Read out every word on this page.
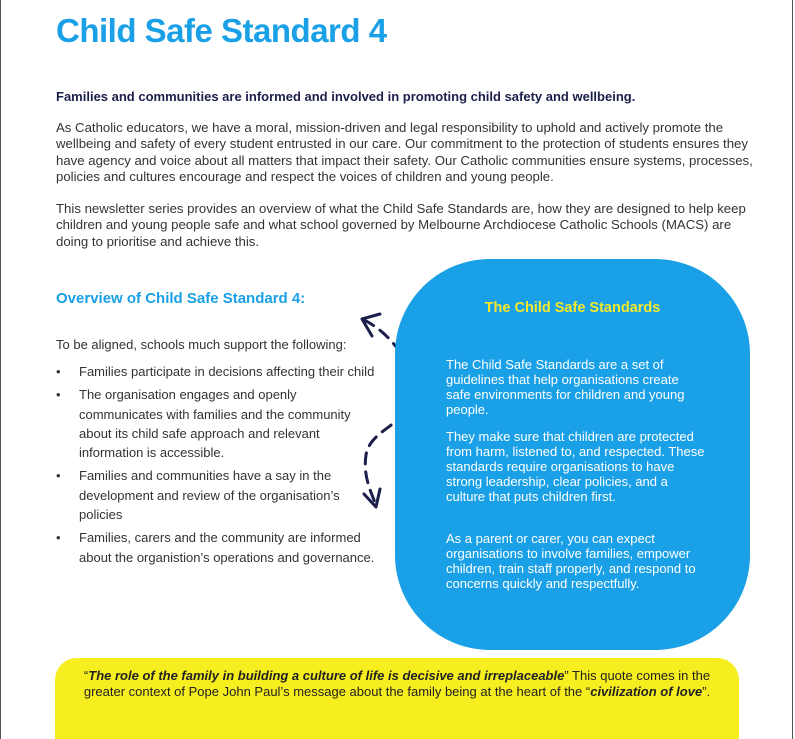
Child Safe Standard 4

Families and communities are informed and involved in promoting child safety and wellbeing.

As Catholic educators, we have a moral, mission-driven and legal responsibility to uphold and actively promote the wellbeing and safety of every student entrusted in our care. Our commitment to the protection of students ensures they have agency and voice about all matters that impact their safety. Our Catholic communities ensure systems, processes, policies and cultures encourage and respect the voices of children and young people.

This newsletter series provides an overview of what the Child Safe Standards are, how they are designed to help keep children and young people safe and what school governed by Melbourne Archdiocese Catholic Schools (MACS) are doing to prioritise and achieve this.

Overview of Child Safe Standard 4:

To be aligned, schools much support the following:

• Families participate in decisions affecting their child
• The organisation engages and openly communicates with families and the community about its child safe approach and relevant information is accessible.
• Families and communities have a say in the development and review of the organisation’s policies
• Families, carers and the community are informed about the organistion’s operations and governance.
The Child Safe Standards

The Child Safe Standards are a set of guidelines that help organisations create safe environments for children and young people.

They make sure that children are protected from harm, listened to, and respected. These standards require organisations to have strong leadership, clear policies, and a culture that puts children first.

As a parent or carer, you can expect organisations to involve families, empower children, train staff properly, and respond to concerns quickly and respectfully.

“The role of the family in building a culture of life is decisive and irreplaceable” This quote comes in the greater context of Pope John Paul’s message about the family being at the heart of the “civilization of love”.
